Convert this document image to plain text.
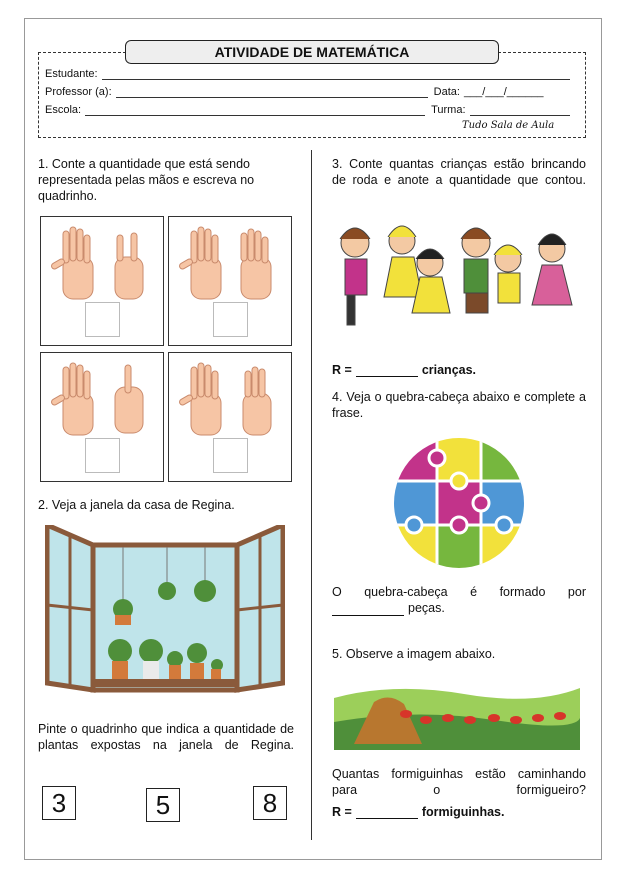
ATIVIDADE DE MATEMÁTICA
Estudante:
Professor (a):	Data: ___/___/______
Escola:	Turma:
Tudo Sala de Aula
1. Conte a quantidade que está sendo representada pelas mãos e escreva no quadrinho.
2. Veja a janela da casa de Regina.
Pinte o quadrinho que indica a quantidade de plantas expostas na janela de Regina.
3	5	8
3. Conte quantas crianças estão brincando de roda e anote a quantidade que contou.
R =	crianças.
4. Veja o quebra-cabeça abaixo e complete a frase.
O quebra-cabeça é formado por
peças.
5. Observe a imagem abaixo.
Quantas formiguinhas estão caminhando para o formigueiro?
R =	formiguinhas.
